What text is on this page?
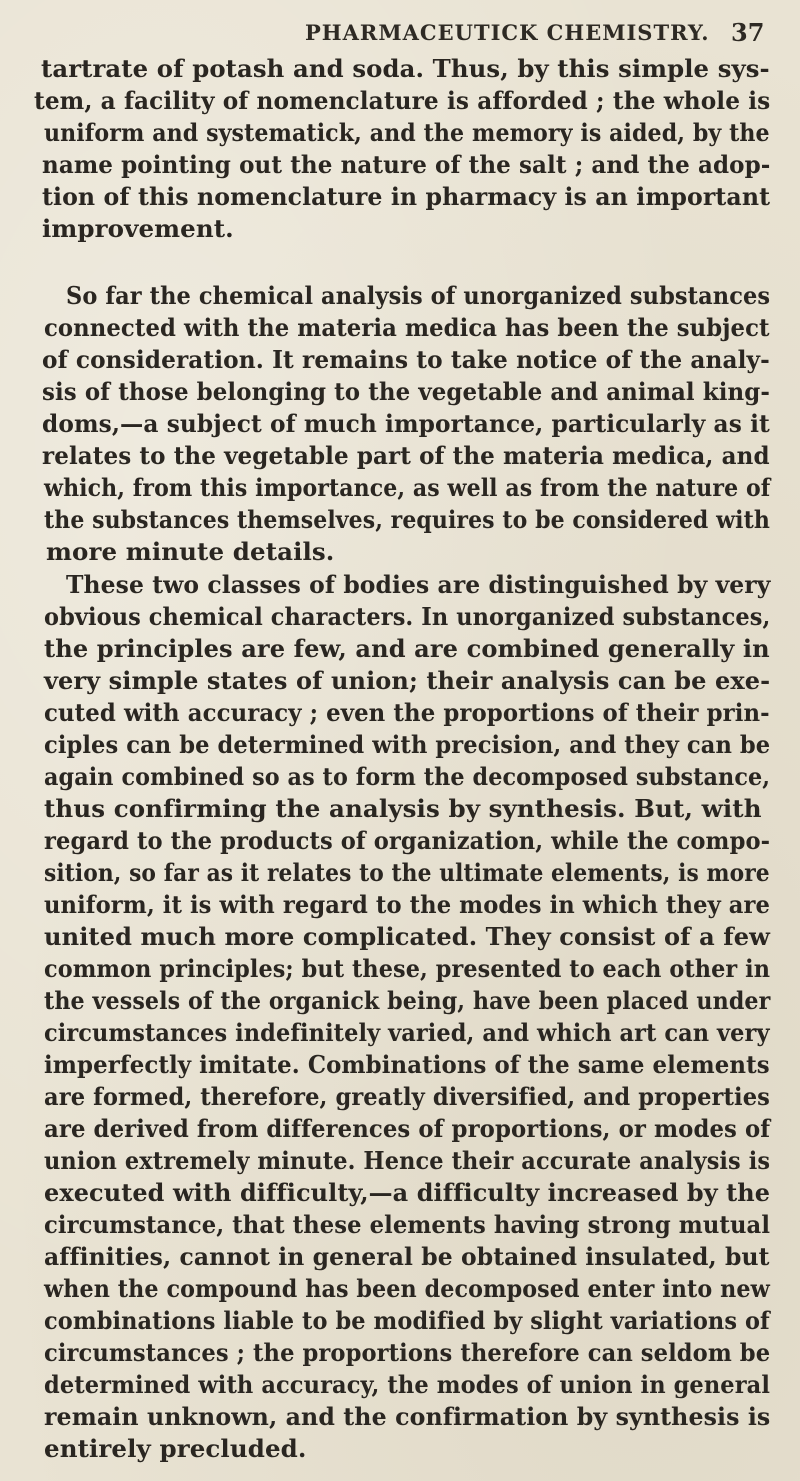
PHARMACEUTICK CHEMISTRY. 37
tartrate of potash and soda. Thus, by this simple sys-
tem, a facility of nomenclature is afforded ; the whole is
uniform and systematick, and the memory is aided, by the
name pointing out the nature of the salt ; and the adop-
tion of this nomenclature in pharmacy is an important
improvement.
So far the chemical analysis of unorganized substances
connected with the materia medica has been the subject
of consideration. It remains to take notice of the analy-
sis of those belonging to the vegetable and animal king-
doms,—a subject of much importance, particularly as it
relates to the vegetable part of the materia medica, and
which, from this importance, as well as from the nature of
the substances themselves, requires to be considered with
more minute details.
These two classes of bodies are distinguished by very
obvious chemical characters. In unorganized substances,
the principles are few, and are combined generally in
very simple states of union; their analysis can be exe-
cuted with accuracy ; even the proportions of their prin-
ciples can be determined with precision, and they can be
again combined so as to form the decomposed substance,
thus confirming the analysis by synthesis. But, with
regard to the products of organization, while the compo-
sition, so far as it relates to the ultimate elements, is more
uniform, it is with regard to the modes in which they are
united much more complicated. They consist of a few
common principles; but these, presented to each other in
the vessels of the organick being, have been placed under
circumstances indefinitely varied, and which art can very
imperfectly imitate. Combinations of the same elements
are formed, therefore, greatly diversified, and properties
are derived from differences of proportions, or modes of
union extremely minute. Hence their accurate analysis is
executed with difficulty,—a difficulty increased by the
circumstance, that these elements having strong mutual
affinities, cannot in general be obtained insulated, but
when the compound has been decomposed enter into new
combinations liable to be modified by slight variations of
circumstances ; the proportions therefore can seldom be
determined with accuracy, the modes of union in general
remain unknown, and the confirmation by synthesis is
entirely precluded.
